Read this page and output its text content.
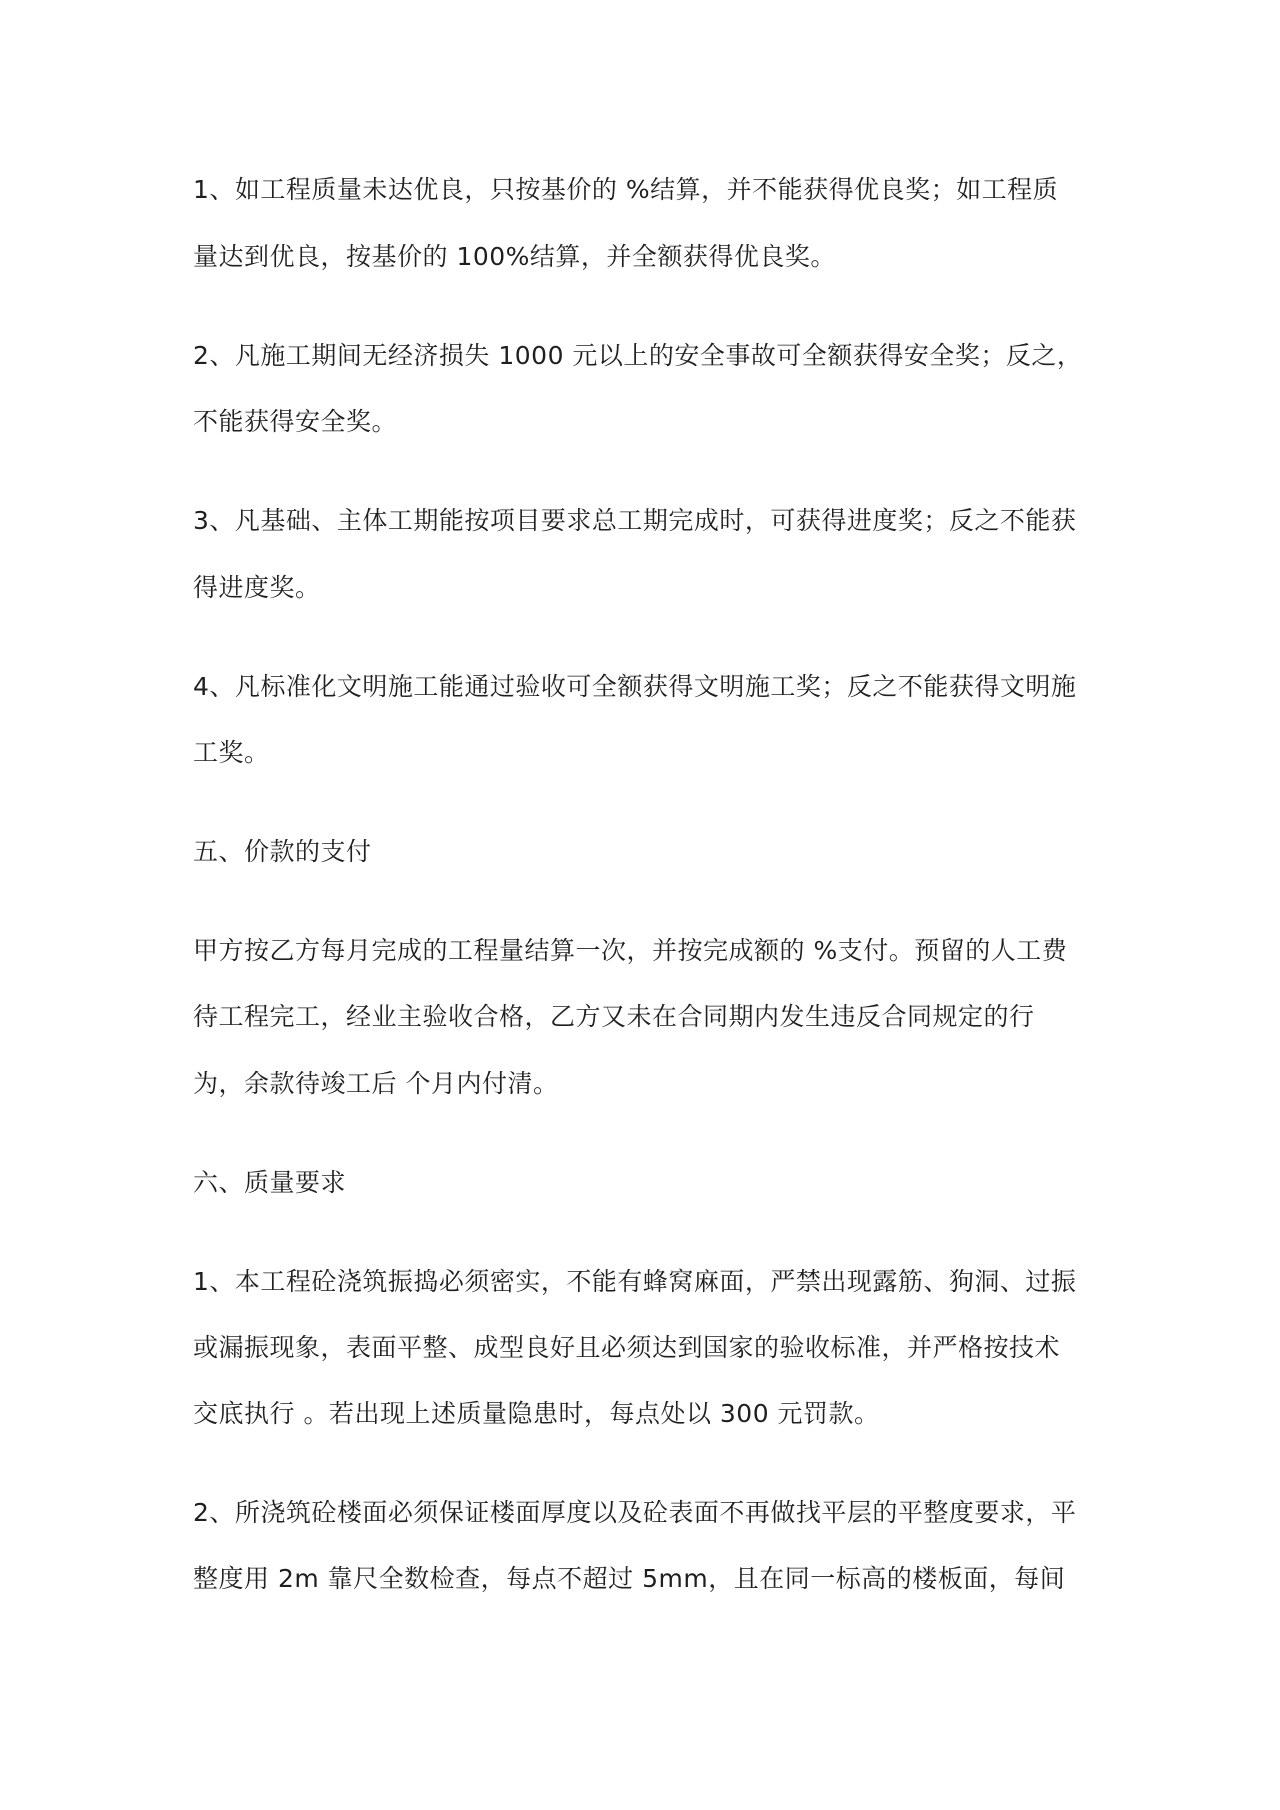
1、如工程质量未达优良，只按基价的 %结算，并不能获得优良奖；如工程质
量达到优良，按基价的 100%结算，并全额获得优良奖。
2、凡施工期间无经济损失 1000 元以上的安全事故可全额获得安全奖；反之，
不能获得安全奖。
3、凡基础、主体工期能按项目要求总工期完成时，可获得进度奖；反之不能获
得进度奖。
4、凡标准化文明施工能通过验收可全额获得文明施工奖；反之不能获得文明施
工奖。
五、价款的支付
甲方按乙方每月完成的工程量结算一次，并按完成额的 %支付。预留的人工费
待工程完工，经业主验收合格，乙方又未在合同期内发生违反合同规定的行
为，余款待竣工后 个月内付清。
六、质量要求
1、本工程砼浇筑振捣必须密实，不能有蜂窝麻面，严禁出现露筋、狗洞、过振
或漏振现象，表面平整、成型良好且必须达到国家的验收标准，并严格按技术
交底执行 。若出现上述质量隐患时，每点处以 300 元罚款。
2、所浇筑砼楼面必须保证楼面厚度以及砼表面不再做找平层的平整度要求，平
整度用 2m 靠尺全数检查，每点不超过 5mm，且在同一标高的楼板面，每间
